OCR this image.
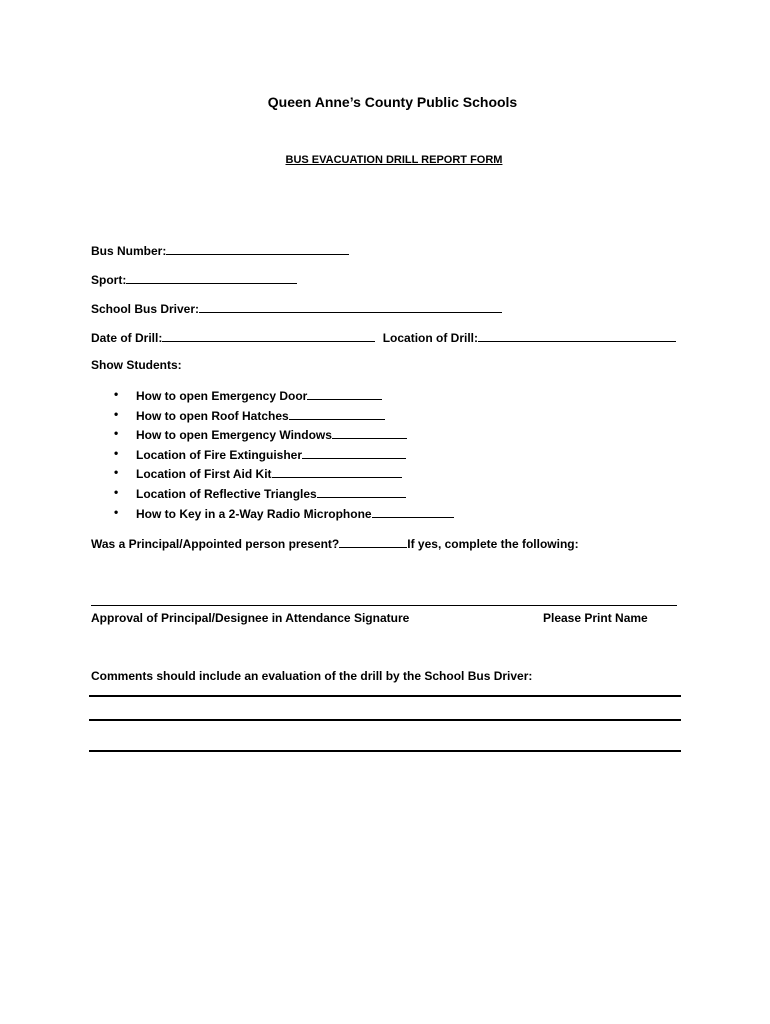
Queen Anne’s County Public Schools
BUS EVACUATION DRILL REPORT FORM
Bus Number:
Sport:
School Bus Driver:
Date of Drill:	Location of Drill:
Show Students:
• How to open Emergency Door
• How to open Roof Hatches
• How to open Emergency Windows
• Location of Fire Extinguisher
• Location of First Aid Kit
• Location of Reflective Triangles
• How to Key in a 2-Way Radio Microphone
Was a Principal/Appointed person present?	If yes, complete the following:
Approval of Principal/Designee in Attendance Signature	Please Print Name
Comments should include an evaluation of the drill by the School Bus Driver:
